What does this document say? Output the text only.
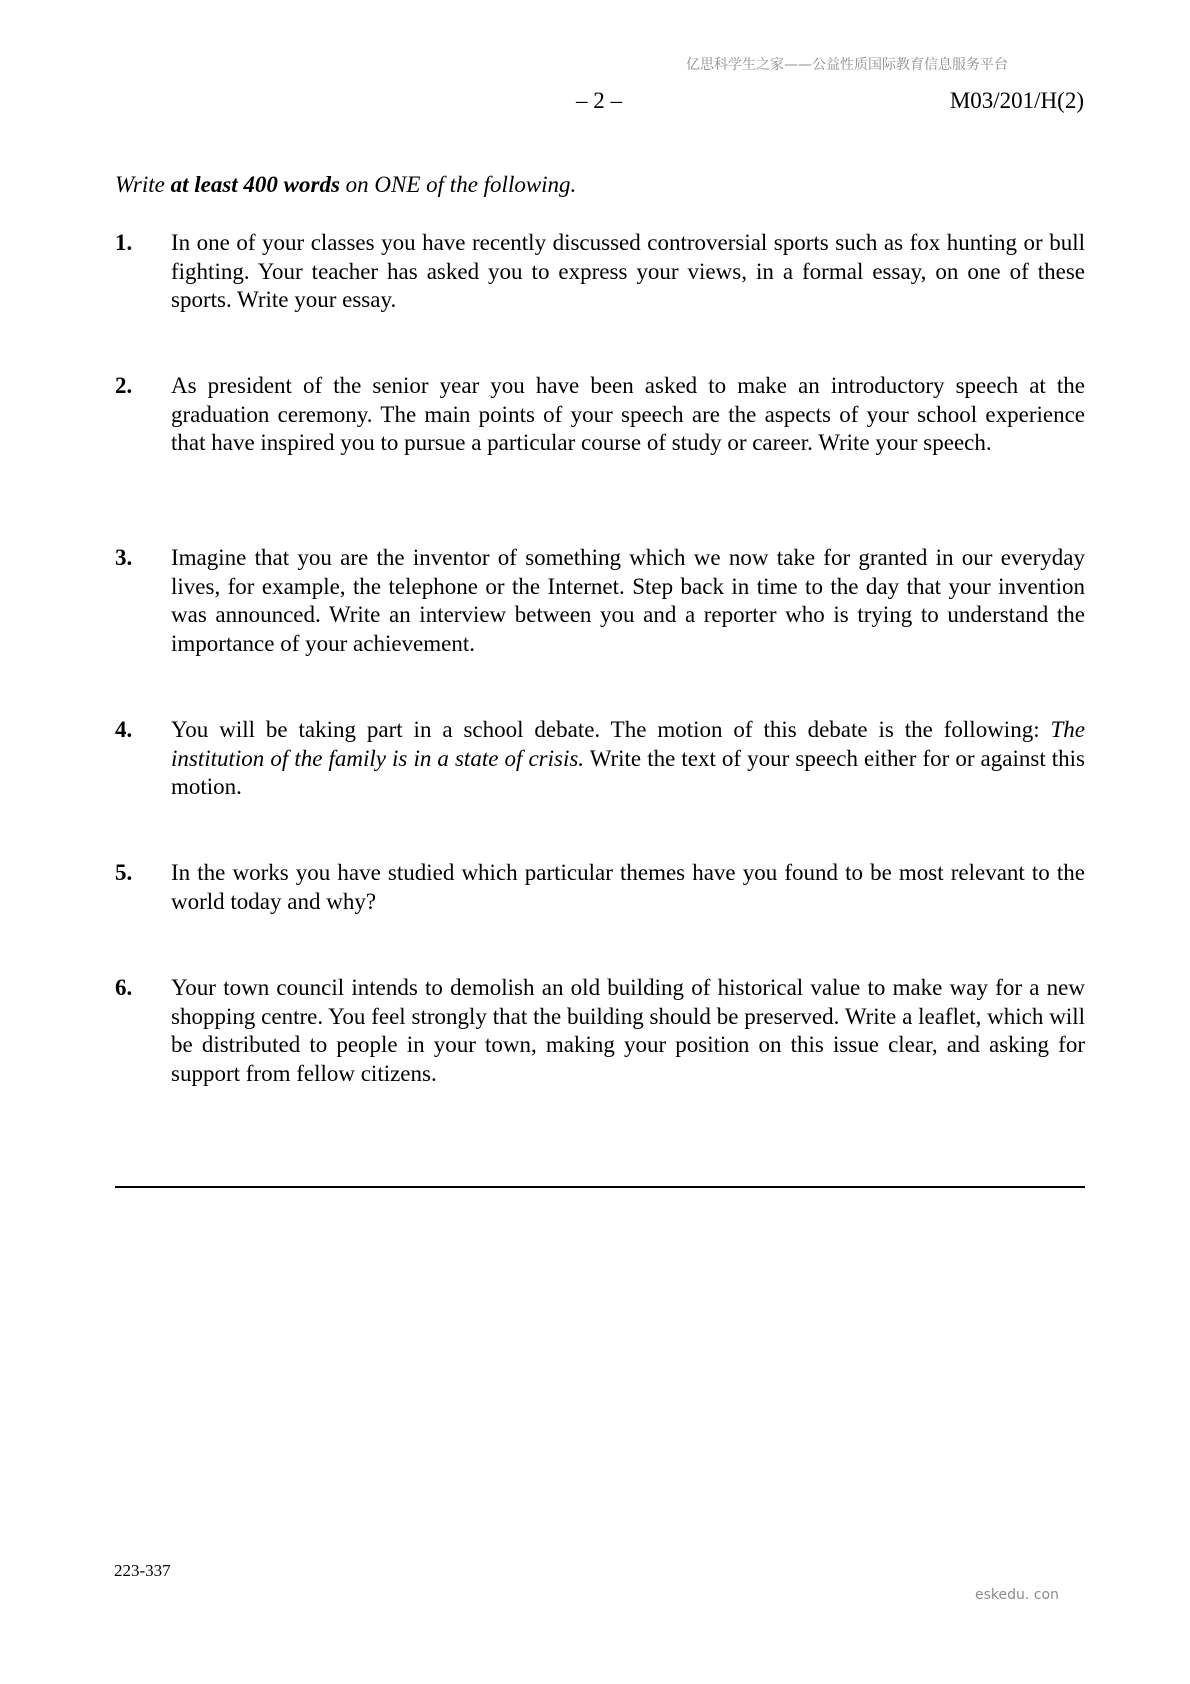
亿思科学生之家——公益性质国际教育信息服务平台
– 2 –	M03/201/H(2)
Write at least 400 words on ONE of the following.
1. In one of your classes you have recently discussed controversial sports such as fox hunting or bull fighting. Your teacher has asked you to express your views, in a formal essay, on one of these sports. Write your essay.
2. As president of the senior year you have been asked to make an introductory speech at the graduation ceremony. The main points of your speech are the aspects of your school experience that have inspired you to pursue a particular course of study or career. Write your speech.
3. Imagine that you are the inventor of something which we now take for granted in our everyday lives, for example, the telephone or the Internet. Step back in time to the day that your invention was announced. Write an interview between you and a reporter who is trying to understand the importance of your achievement.
4. You will be taking part in a school debate. The motion of this debate is the following: The institution of the family is in a state of crisis. Write the text of your speech either for or against this motion.
5. In the works you have studied which particular themes have you found to be most relevant to the world today and why?
6. Your town council intends to demolish an old building of historical value to make way for a new shopping centre. You feel strongly that the building should be preserved. Write a leaflet, which will be distributed to people in your town, making your position on this issue clear, and asking for support from fellow citizens.
223-337
eskedu. con
